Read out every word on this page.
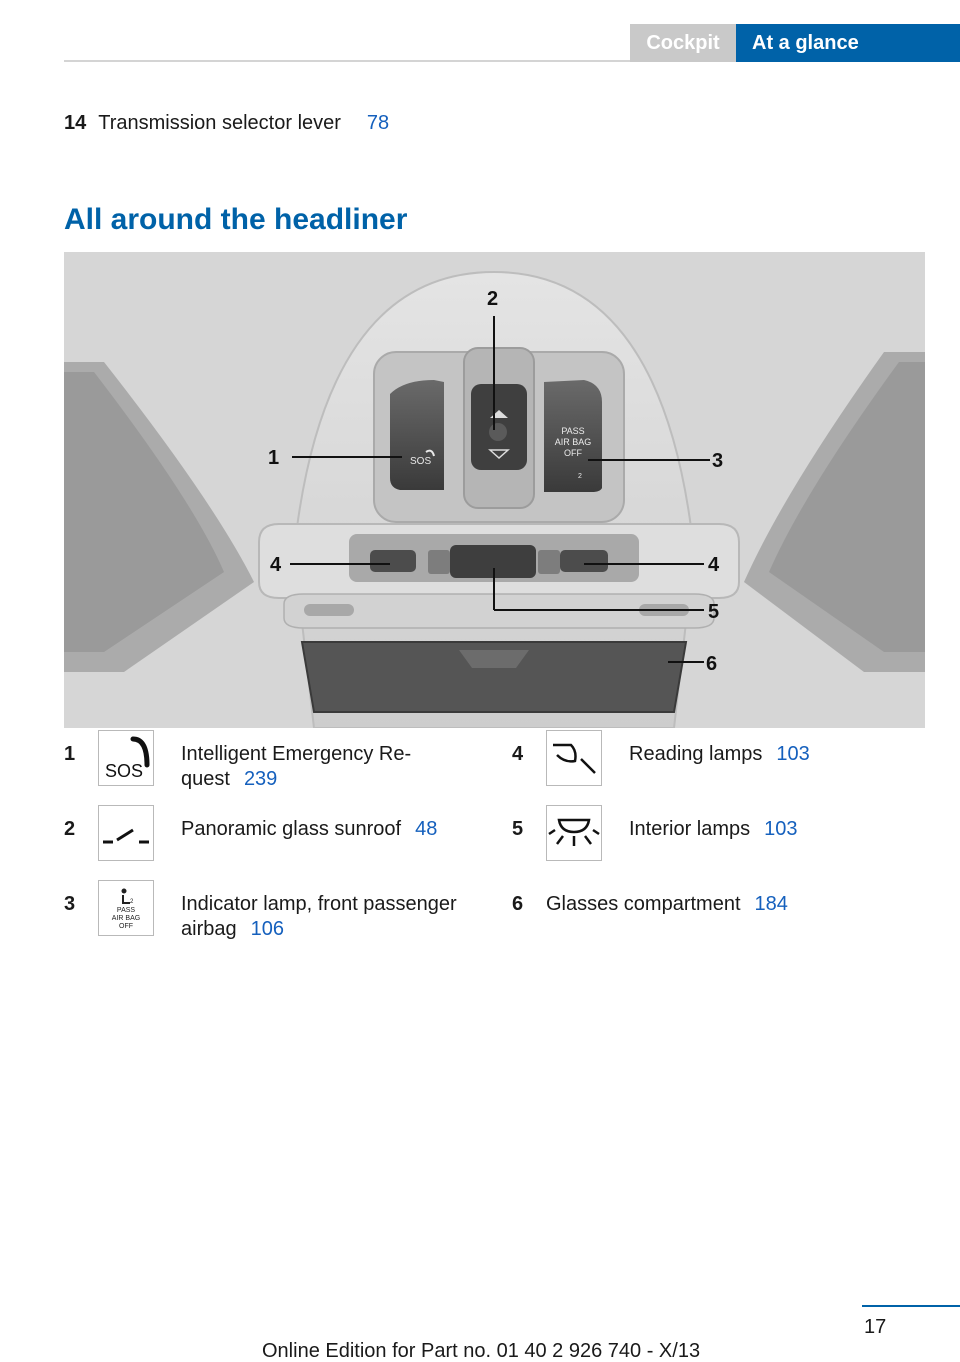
Cockpit	At a glance
14 Transmission selector lever 78
All around the headliner
SOS
PASS
AIR BAG
OFF
2
1
2
3
4	4
5
6
1
SOS
Intelligent Emergency Re-
quest 239
2	Panoramic glass sunroof 48
3	2
PASS
AIR BAG
OFF
Indicator lamp, front passenger
airbag 106
4	Reading lamps 103
5	Interior lamps 103
6 Glasses compartment 184
17
Online Edition for Part no. 01 40 2 926 740 - X/13
